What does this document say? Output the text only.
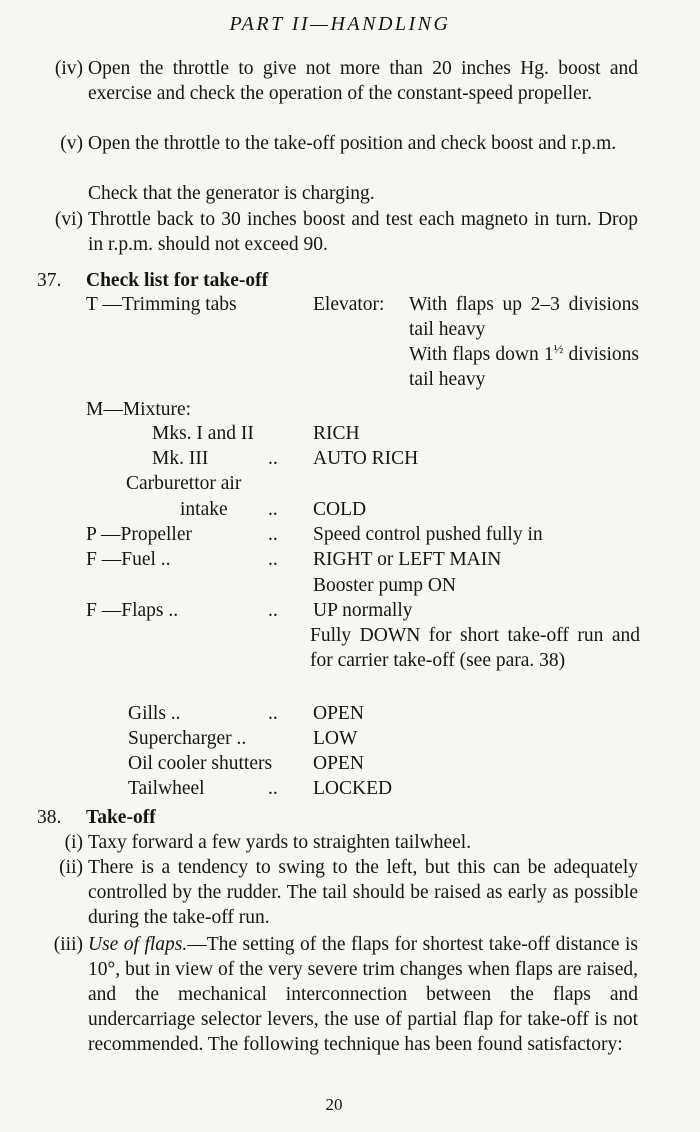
PART II—HANDLING
(iv) Open the throttle to give not more than 20 inches Hg. boost and exercise and check the operation of the constant-speed propeller.
(v) Open the throttle to the take-off position and check boost and r.p.m.
Check that the generator is charging.
(vi) Throttle back to 30 inches boost and test each magneto in turn. Drop in r.p.m. should not exceed 90.
37. Check list for take-off
T —Trimming tabs	Elevator: With flaps up 2–3 divisions tail heavy
With flaps down $1^{\frac{1}{2}}$ divisions tail heavy
M—Mixture:
Mks. I and II	RICH
Mk. III	.. AUTO RICH
Carburettor air
intake .. COLD
P —Propeller	.. Speed control pushed fully in
F —Fuel ..	.. RIGHT or LEFT MAIN
Booster pump ON
F —Flaps ..	.. UP normally
Fully DOWN for short take-off run and for carrier take-off (see para. 38)
Gills ..	.. OPEN
Supercharger ..	LOW
Oil cooler shutters OPEN
Tailwheel	.. LOCKED
38. Take-off
(i) Taxy forward a few yards to straighten tailwheel.
(ii) There is a tendency to swing to the left, but this can be adequately controlled by the rudder. The tail should be raised as early as possible during the take-off run.
(iii) Use of flaps.—The setting of the flaps for shortest take-off distance is 10°, but in view of the very severe trim changes when flaps are raised, and the mechanical interconnection between the flaps and undercarriage selector levers, the use of partial flap for take-off is not recommended. The following technique has been found satisfactory:
20
